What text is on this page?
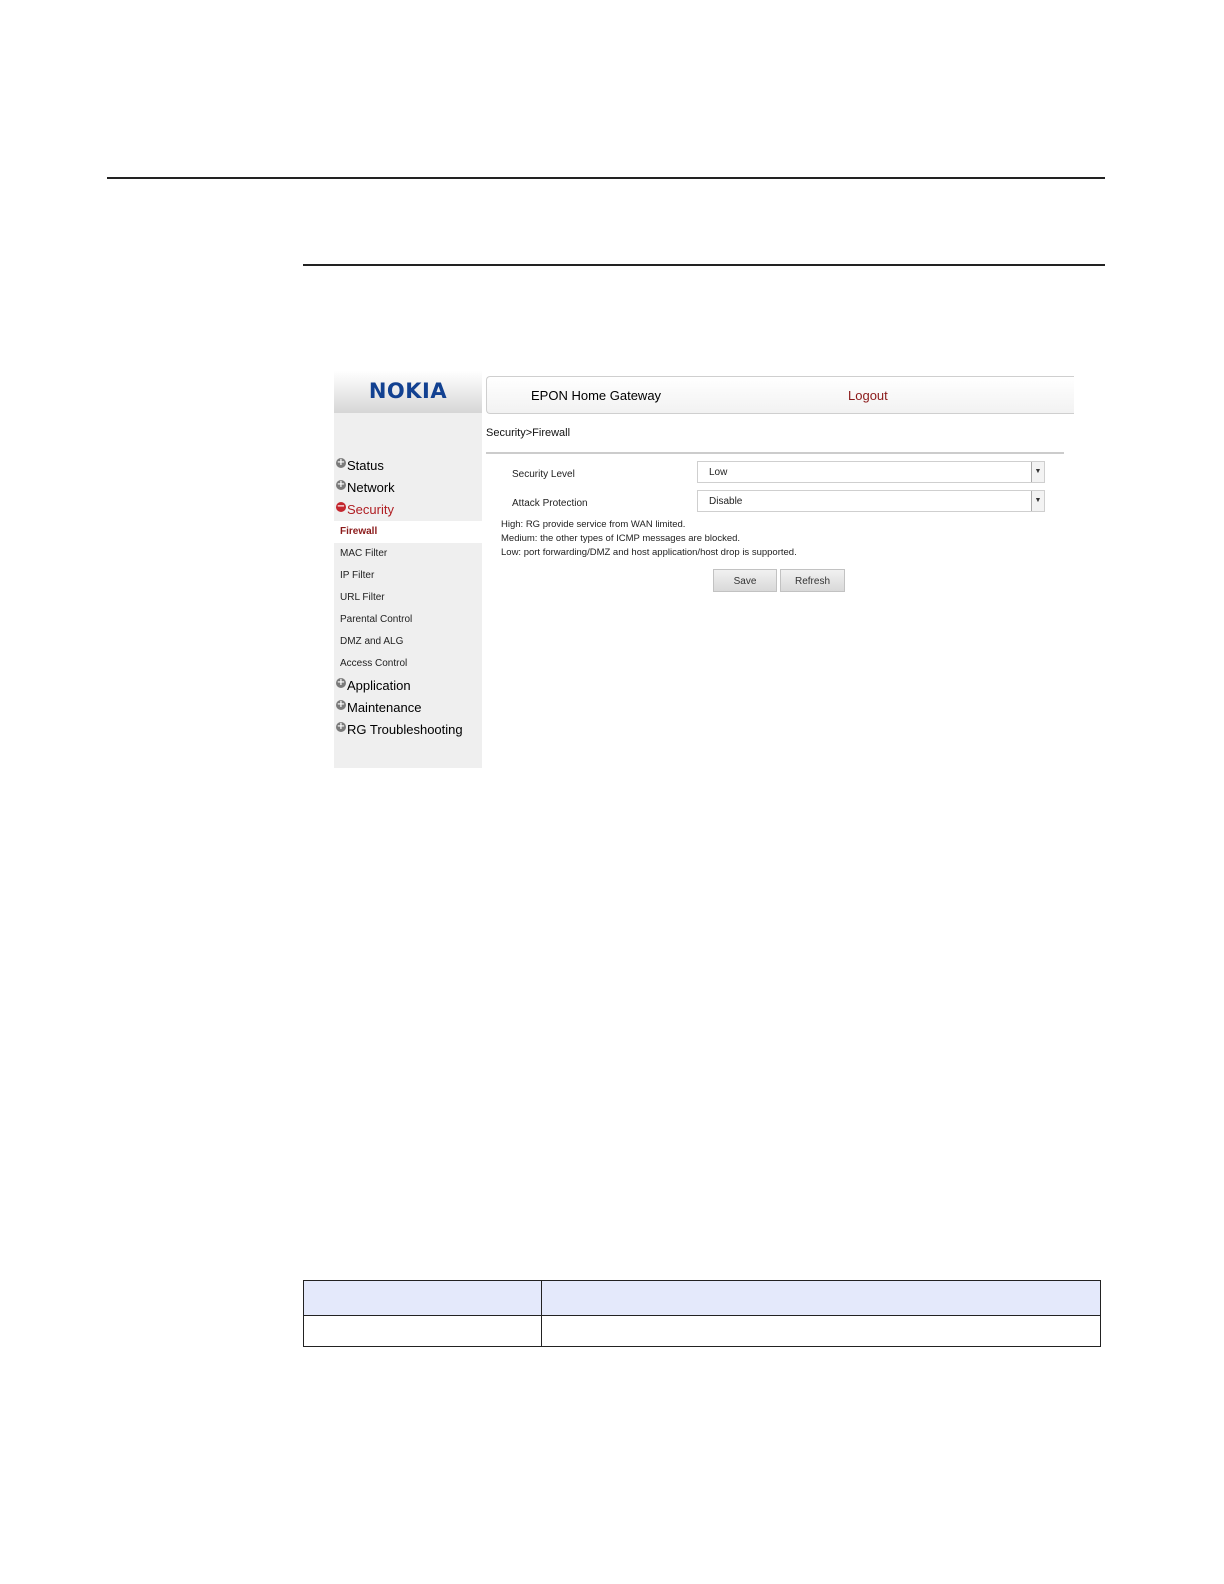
NOKIA
+ Status
+ Network
− Security
Firewall
MAC Filter
IP Filter
URL Filter
Parental Control
DMZ and ALG
Access Control
+ Application
+ Maintenance
+ RG Troubleshooting
EPON Home Gateway	Logout
Security>Firewall
Security Level	Low	▼
Attack Protection	Disable	▼
High: RG provide service from WAN limited.
Medium: the other types of ICMP messages are blocked.
Low: port forwarding/DMZ and host application/host drop is supported.
Save	Refresh
